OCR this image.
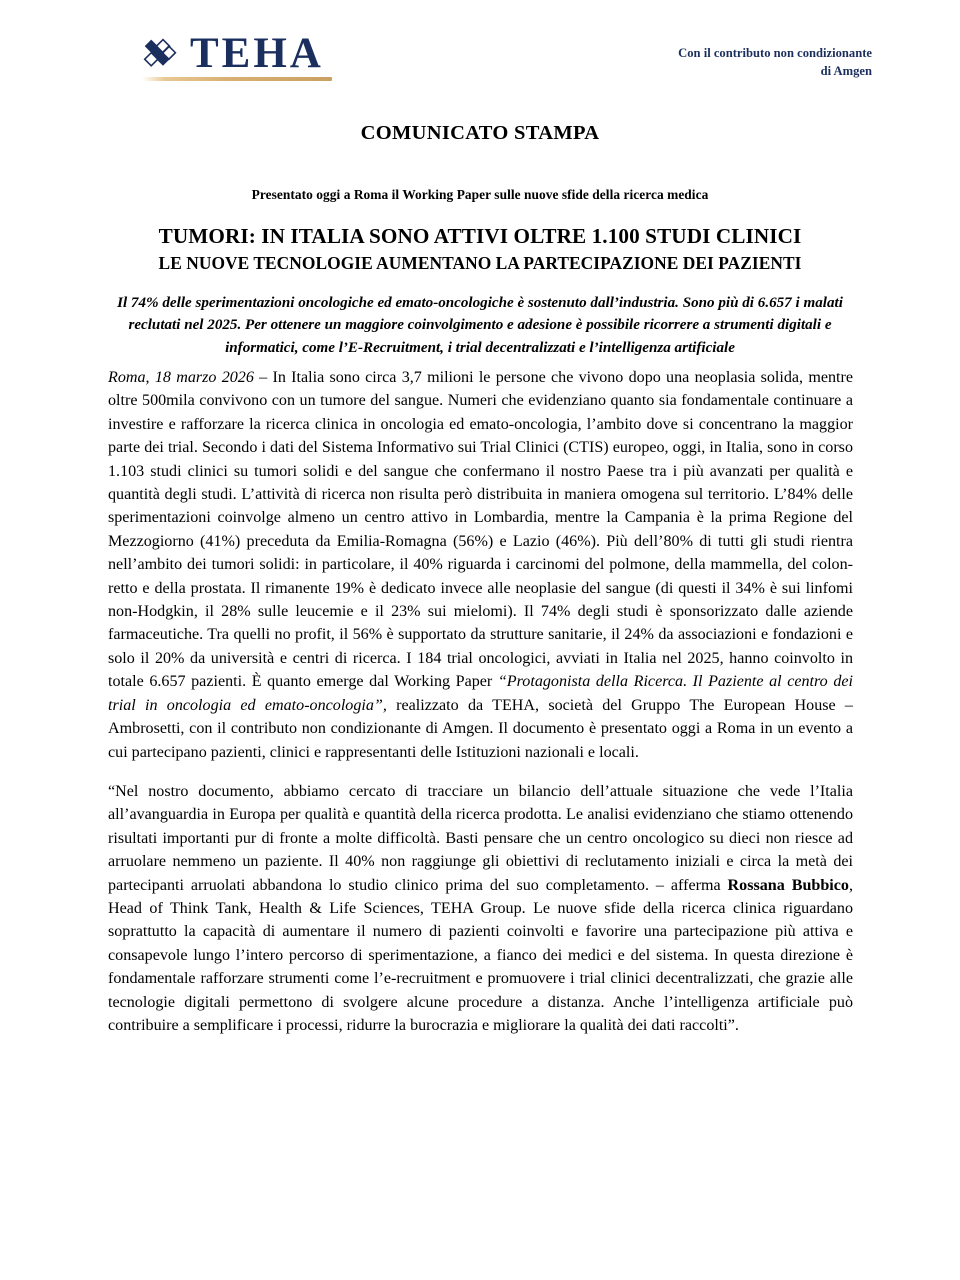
TEHA	Con il contributo non condizionante
di Amgen
COMUNICATO STAMPA

Presentato oggi a Roma il Working Paper sulle nuove sfide della ricerca medica

TUMORI: IN ITALIA SONO ATTIVI OLTRE 1.100 STUDI CLINICI
LE NUOVE TECNOLOGIE AUMENTANO LA PARTECIPAZIONE DEI PAZIENTI

Il 74% delle sperimentazioni oncologiche ed emato-oncologiche è sostenuto dall’industria. Sono più di 6.657 i malati reclutati nel 2025. Per ottenere un maggiore coinvolgimento e adesione è possibile ricorrere a strumenti digitali e informatici, come l’E-Recruitment, i trial decentralizzati e l’intelligenza artificiale

Roma, 18 marzo 2026 – In Italia sono circa 3,7 milioni le persone che vivono dopo una neoplasia solida, mentre oltre 500mila convivono con un tumore del sangue. Numeri che evidenziano quanto sia fondamentale continuare a investire e rafforzare la ricerca clinica in oncologia ed emato-oncologia, l’ambito dove si concentrano la maggior parte dei trial. Secondo i dati del Sistema Informativo sui Trial Clinici (CTIS) europeo, oggi, in Italia, sono in corso 1.103 studi clinici su tumori solidi e del sangue che confermano il nostro Paese tra i più avanzati per qualità e quantità degli studi. L’attività di ricerca non risulta però distribuita in maniera omogena sul territorio. L’84% delle sperimentazioni coinvolge almeno un centro attivo in Lombardia, mentre la Campania è la prima Regione del Mezzogiorno (41%) preceduta da Emilia-Romagna (56%) e Lazio (46%). Più dell’80% di tutti gli studi rientra nell’ambito dei tumori solidi: in particolare, il 40% riguarda i carcinomi del polmone, della mammella, del colon-retto e della prostata. Il rimanente 19% è dedicato invece alle neoplasie del sangue (di questi il 34% è sui linfomi non-Hodgkin, il 28% sulle leucemie e il 23% sui mielomi). Il 74% degli studi è sponsorizzato dalle aziende farmaceutiche. Tra quelli no profit, il 56% è supportato da strutture sanitarie, il 24% da associazioni e fondazioni e solo il 20% da università e centri di ricerca. I 184 trial oncologici, avviati in Italia nel 2025, hanno coinvolto in totale 6.657 pazienti. È quanto emerge dal Working Paper “Protagonista della Ricerca. Il Paziente al centro dei trial in oncologia ed emato-oncologia”, realizzato da TEHA, società del Gruppo The European House – Ambrosetti, con il contributo non condizionante di Amgen. Il documento è presentato oggi a Roma in un evento a cui partecipano pazienti, clinici e rappresentanti delle Istituzioni nazionali e locali.

“Nel nostro documento, abbiamo cercato di tracciare un bilancio dell’attuale situazione che vede l’Italia all’avanguardia in Europa per qualità e quantità della ricerca prodotta. Le analisi evidenziano che stiamo ottenendo risultati importanti pur di fronte a molte difficoltà. Basti pensare che un centro oncologico su dieci non riesce ad arruolare nemmeno un paziente. Il 40% non raggiunge gli obiettivi di reclutamento iniziali e circa la metà dei partecipanti arruolati abbandona lo studio clinico prima del suo completamento. – afferma Rossana Bubbico, Head of Think Tank, Health & Life Sciences, TEHA Group. Le nuove sfide della ricerca clinica riguardano soprattutto la capacità di aumentare il numero di pazienti coinvolti e favorire una partecipazione più attiva e consapevole lungo l’intero percorso di sperimentazione, a fianco dei medici e del sistema. In questa direzione è fondamentale rafforzare strumenti come l’e-recruitment e promuovere i trial clinici decentralizzati, che grazie alle tecnologie digitali permettono di svolgere alcune procedure a distanza. Anche l’intelligenza artificiale può contribuire a semplificare i processi, ridurre la burocrazia e migliorare la qualità dei dati raccolti”.
